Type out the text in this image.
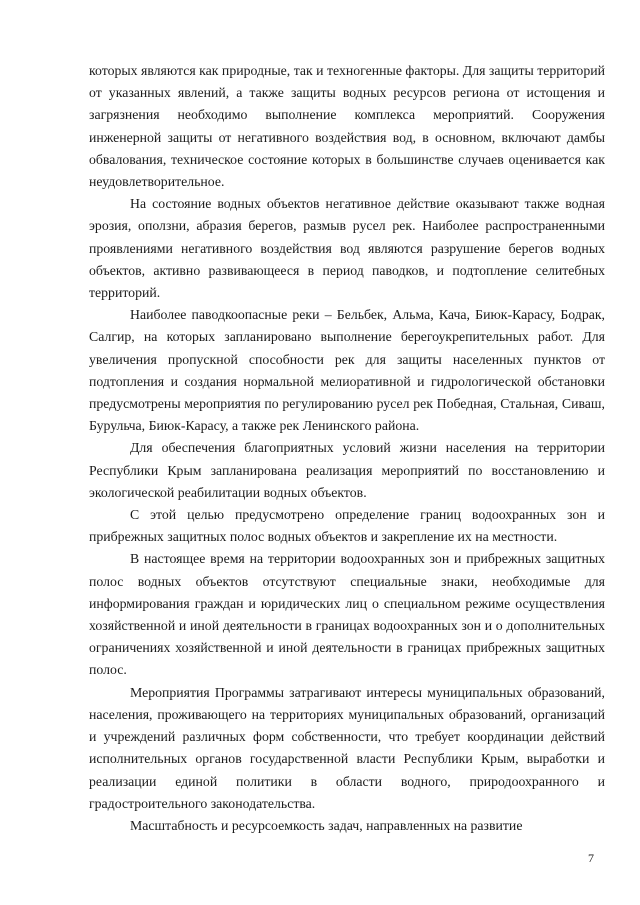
которых являются как природные, так и техногенные факторы. Для защиты территорий от указанных явлений, а также защиты водных ресурсов региона от истощения и загрязнения необходимо выполнение комплекса мероприятий. Сооружения инженерной защиты от негативного воздействия вод, в основном, включают дамбы обвалования, техническое состояние которых в большинстве случаев оценивается как неудовлетворительное.

На состояние водных объектов негативное действие оказывают также водная эрозия, оползни, абразия берегов, размыв русел рек. Наиболее распространенными проявлениями негативного воздействия вод являются разрушение берегов водных объектов, активно развивающееся в период паводков, и подтопление селитебных территорий.

Наиболее паводкоопасные реки – Бельбек, Альма, Кача, Биюк-Карасу, Бодрак, Салгир, на которых запланировано выполнение берегоукрепительных работ. Для увеличения пропускной способности рек для защиты населенных пунктов от подтопления и создания нормальной мелиоративной и гидрологической обстановки предусмотрены мероприятия по регулированию русел рек Победная, Стальная, Сиваш, Бурульча, Биюк-Карасу, а также рек Ленинского района.

Для обеспечения благоприятных условий жизни населения на территории Республики Крым запланирована реализация мероприятий по восстановлению и экологической реабилитации водных объектов.

С этой целью предусмотрено определение границ водоохранных зон и прибрежных защитных полос водных объектов и закрепление их на местности.

В настоящее время на территории водоохранных зон и прибрежных защитных полос водных объектов отсутствуют специальные знаки, необходимые для информирования граждан и юридических лиц о специальном режиме осуществления хозяйственной и иной деятельности в границах водоохранных зон и о дополнительных ограничениях хозяйственной и иной деятельности в границах прибрежных защитных полос.

Мероприятия Программы затрагивают интересы муниципальных образований, населения, проживающего на территориях муниципальных образований, организаций и учреждений различных форм собственности, что требует координации действий исполнительных органов государственной власти Республики Крым, выработки и реализации единой политики в области водного, природоохранного и градостроительного законодательства.

Масштабность и ресурсоемкость задач, направленных на развитие

7
